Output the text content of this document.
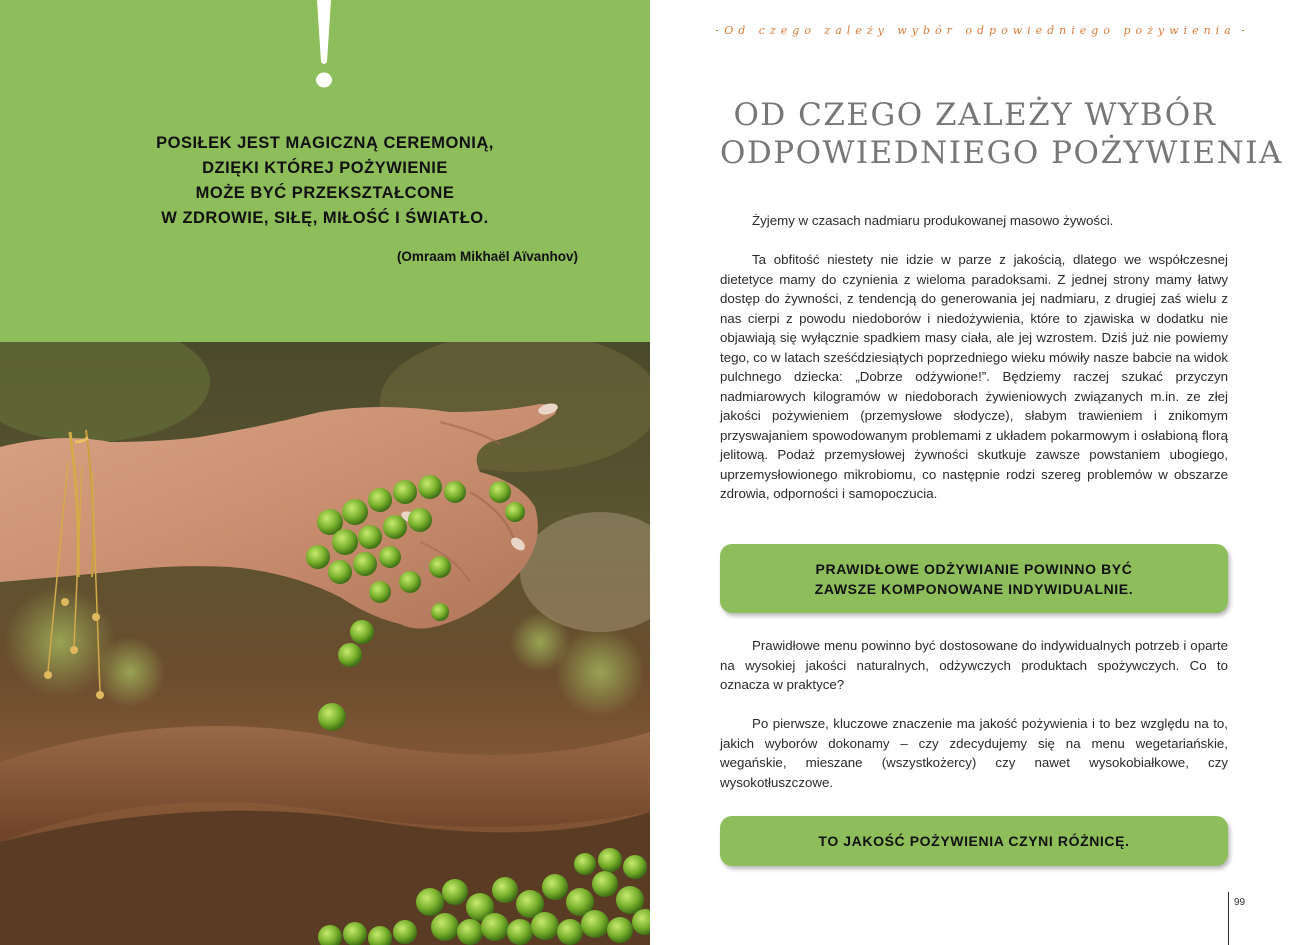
POSIŁEK JEST MAGICZNĄ CEREMONIĄ,
DZIĘKI KTÓREJ POŻYWIENIE
MOŻE BYĆ PRZEKSZTAŁCONE
W ZDROWIE, SIŁĘ, MIŁOŚĆ I ŚWIATŁO.
(Omraam Mikhaël Aïvanhov)
Od czego zależy wybór odpowiedniego pożywienia
OD CZEGO ZALEŻY WYBÓR
ODPOWIEDNIEGO POŻYWIENIA

Żyjemy w czasach nadmiaru produkowanej masowo żywości.

Ta obfitość niestety nie idzie w parze z jakością, dlatego we współczesnej dietetyce mamy do czynienia z wieloma paradoksami. Z jednej strony mamy łatwy dostęp do żywności, z tendencją do generowania jej nadmiaru, z drugiej zaś wielu z nas cierpi z powodu niedoborów i niedożywienia, które to zjawiska w dodatku nie objawiają się wyłącznie spadkiem masy ciała, ale jej wzrostem. Dziś już nie powiemy tego, co w latach sześćdziesiątych poprzedniego wieku mówiły nasze babcie na widok pulchnego dziecka: „Dobrze odżywione!”. Będziemy raczej szukać przyczyn nadmiarowych kilogramów w niedoborach żywieniowych związanych m.in. ze złej jakości pożywieniem (przemysłowe słodycze), słabym trawieniem i znikomym przyswajaniem spowodowanym problemami z układem pokarmowym i osłabioną florą jelitową. Podaż przemysłowej żywności skutkuje zawsze powstaniem ubogiego, uprzemysłowionego mikrobiomu, co następnie rodzi szereg problemów w obszarze zdrowia, odporności i samopoczucia.

PRAWIDŁOWE ODŻYWIANIE POWINNO BYĆ
ZAWSZE KOMPONOWANE INDYWIDUALNIE.

Prawidłowe menu powinno być dostosowane do indywidualnych potrzeb i oparte na wysokiej jakości naturalnych, odżywczych produktach spożywczych. Co to oznacza w praktyce?

Po pierwsze, kluczowe znaczenie ma jakość pożywienia i to bez względu na to, jakich wyborów dokonamy – czy zdecydujemy się na menu wegetariańskie, wegańskie, mieszane (wszystkożercy) czy nawet wysokobiałkowe, czy wysokotłuszczowe.

TO JAKOŚĆ POŻYWIENIA CZYNI RÓŻNICĘ.
99
